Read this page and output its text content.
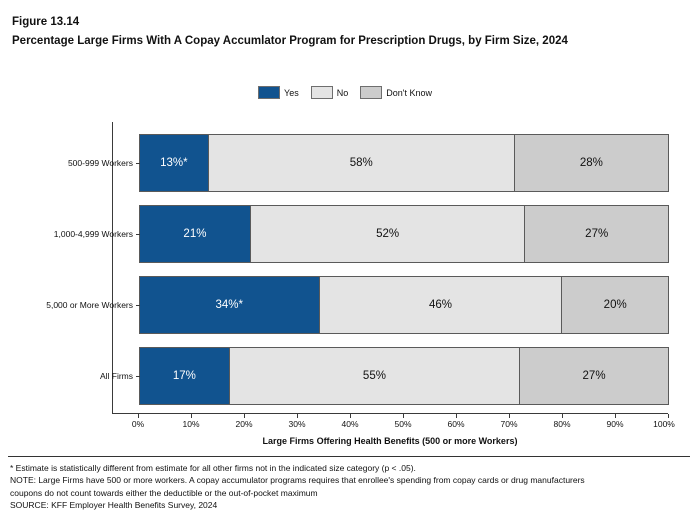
Figure 13.14
Percentage Large Firms With A Copay Accumlator Program for Prescription Drugs, by Firm Size, 2024
Yes	No	Don't Know
500-999 Workers	13%*	58%	28%
1,000-4,999 Workers	21%	52%	27%
5,000 or More Workers	34%*	46%	20%
All Firms	17%	55%	27%
0%	10%	20%	30%	40%	50%	60%	70%	80%	90%	100%
Large Firms Offering Health Benefits (500 or more Workers)
* Estimate is statistically different from estimate for all other firms not in the indicated size category (p < .05).
NOTE: Large Firms have 500 or more workers. A copay accumulator programs requires that enrollee's spending from copay cards or drug manufacturers
coupons do not count towards either the deductible or the out-of-pocket maximum
SOURCE: KFF Employer Health Benefits Survey, 2024
